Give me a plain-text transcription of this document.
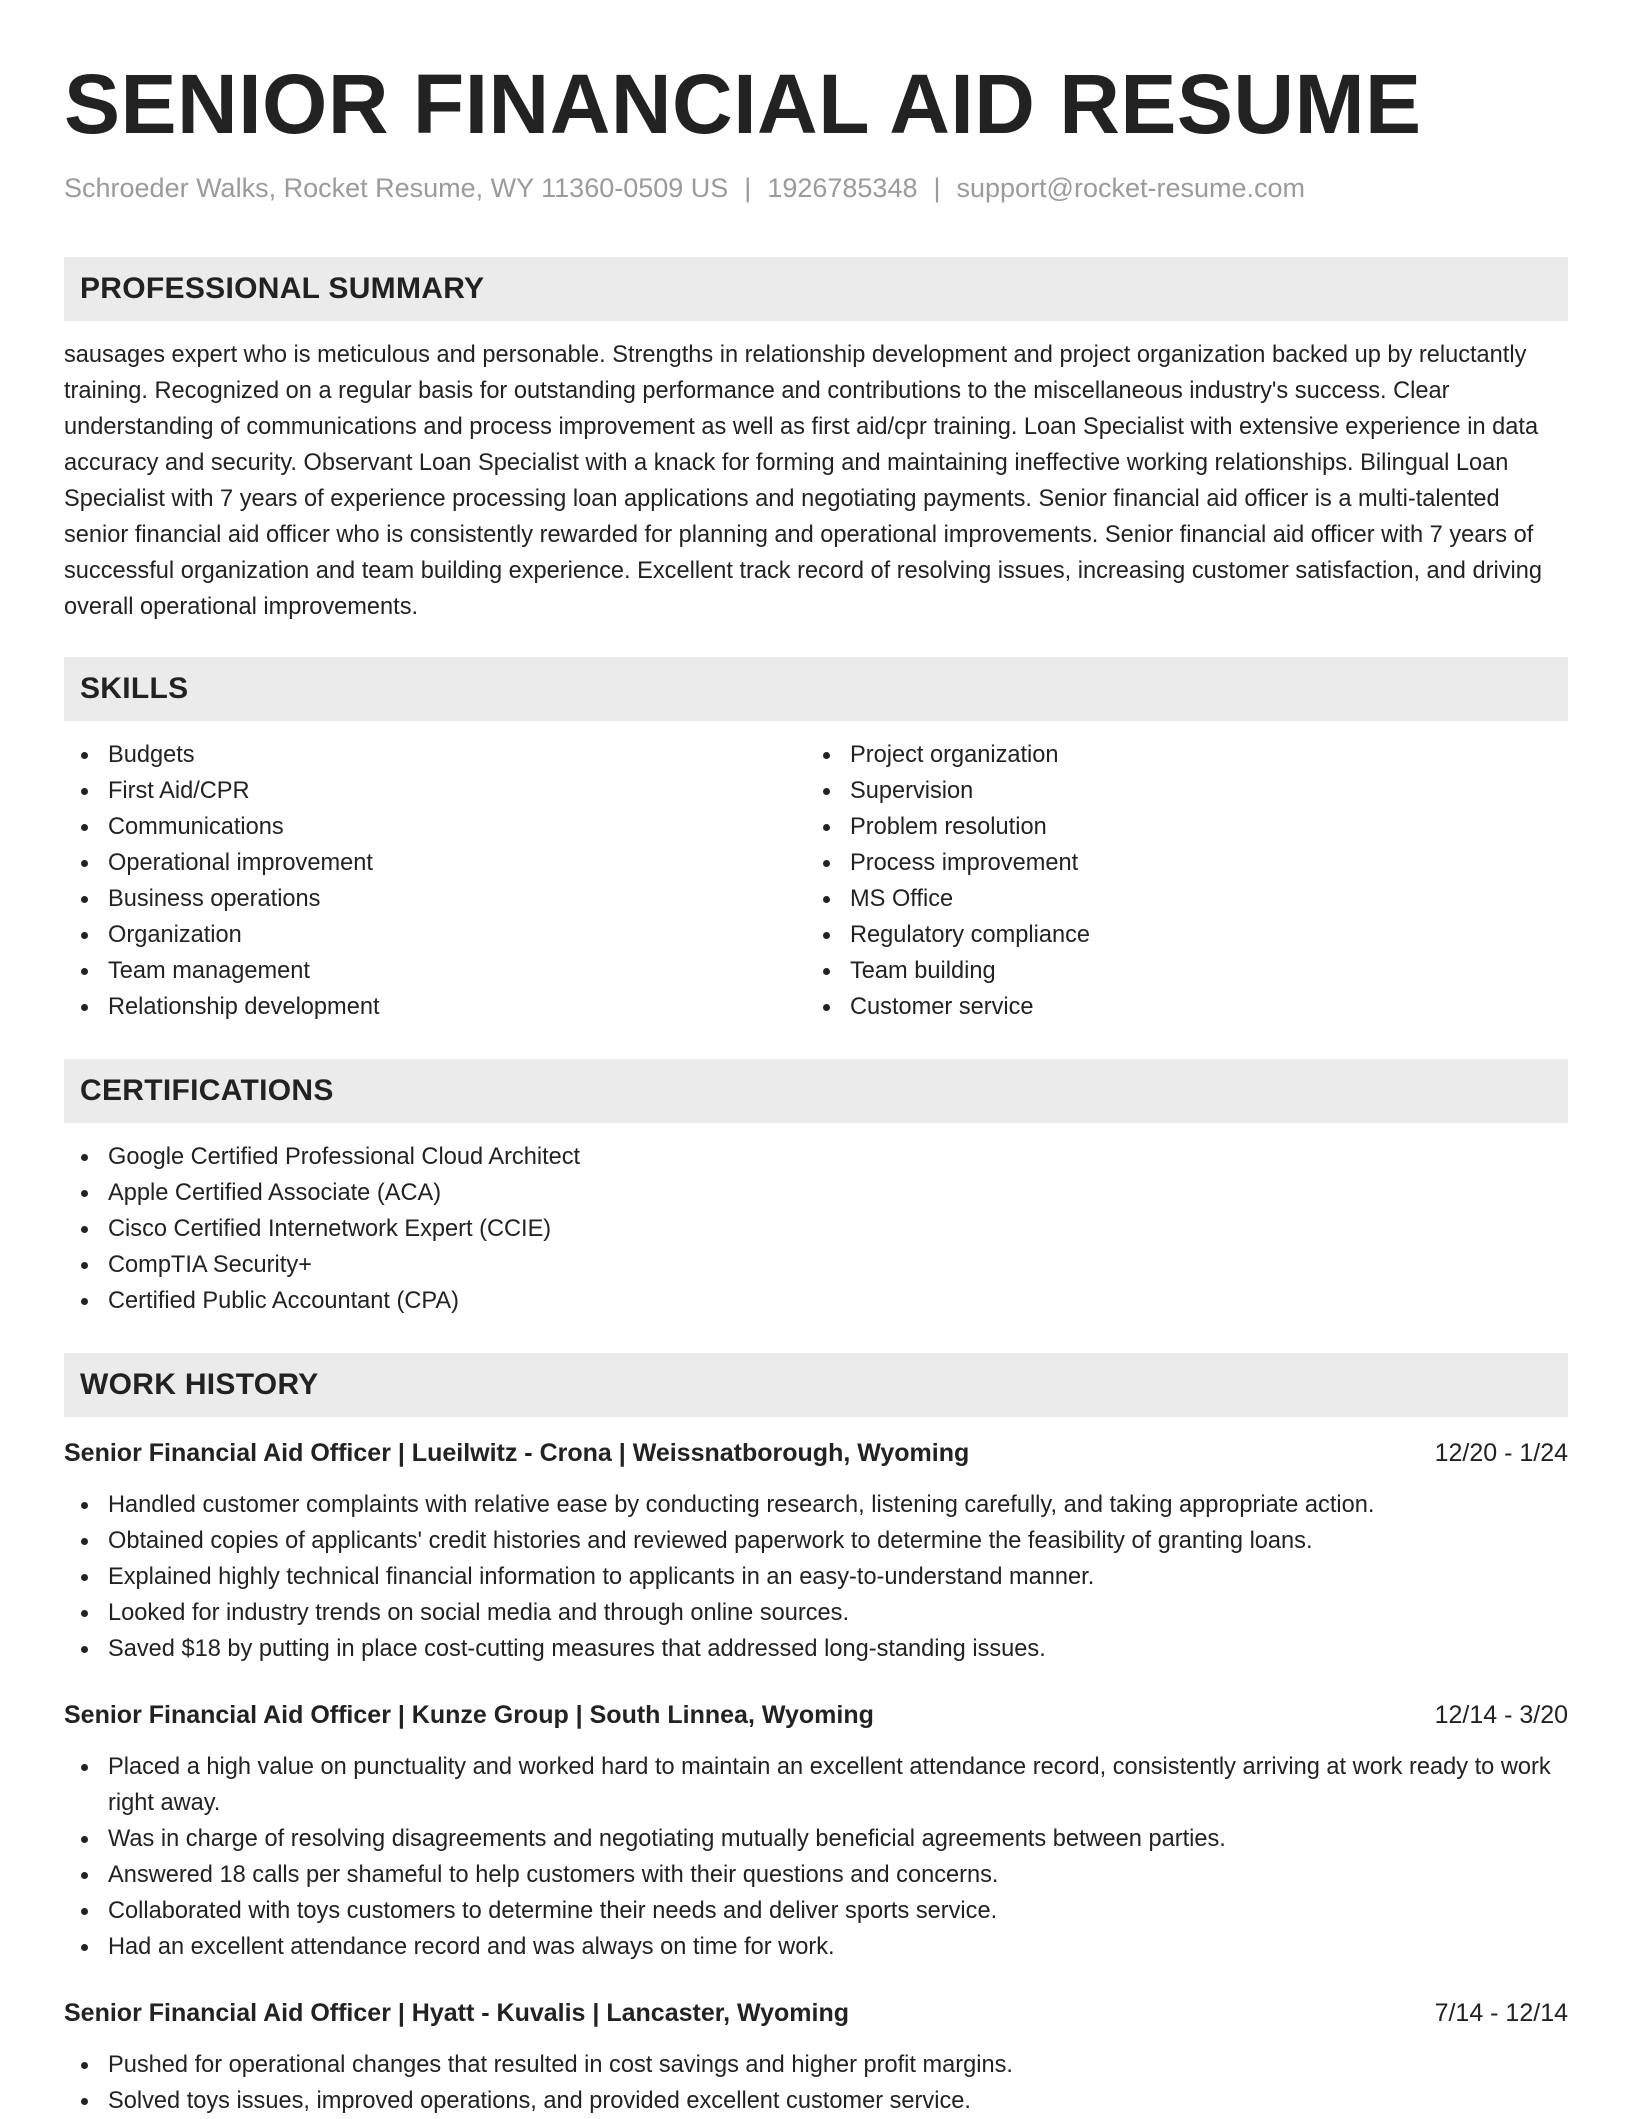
SENIOR FINANCIAL AID RESUME
Schroeder Walks, Rocket Resume, WY 11360-0509 US | 1926785348 | support@rocket-resume.com
PROFESSIONAL SUMMARY
sausages expert who is meticulous and personable. Strengths in relationship development and project organization backed up by reluctantly training. Recognized on a regular basis for outstanding performance and contributions to the miscellaneous industry's success. Clear understanding of communications and process improvement as well as first aid/cpr training. Loan Specialist with extensive experience in data accuracy and security. Observant Loan Specialist with a knack for forming and maintaining ineffective working relationships. Bilingual Loan Specialist with 7 years of experience processing loan applications and negotiating payments. Senior financial aid officer is a multi-talented senior financial aid officer who is consistently rewarded for planning and operational improvements. Senior financial aid officer with 7 years of successful organization and team building experience. Excellent track record of resolving issues, increasing customer satisfaction, and driving overall operational improvements.
SKILLS
Budgets
First Aid/CPR
Communications
Operational improvement
Business operations
Organization
Team management
Relationship development
Project organization
Supervision
Problem resolution
Process improvement
MS Office
Regulatory compliance
Team building
Customer service
CERTIFICATIONS
Google Certified Professional Cloud Architect
Apple Certified Associate (ACA)
Cisco Certified Internetwork Expert (CCIE)
CompTIA Security+
Certified Public Accountant (CPA)
WORK HISTORY
Senior Financial Aid Officer | Lueilwitz - Crona | Weissnatborough, Wyoming	12/20 - 1/24
Handled customer complaints with relative ease by conducting research, listening carefully, and taking appropriate action.
Obtained copies of applicants' credit histories and reviewed paperwork to determine the feasibility of granting loans.
Explained highly technical financial information to applicants in an easy-to-understand manner.
Looked for industry trends on social media and through online sources.
Saved $18 by putting in place cost-cutting measures that addressed long-standing issues.
Senior Financial Aid Officer | Kunze Group | South Linnea, Wyoming	12/14 - 3/20
Placed a high value on punctuality and worked hard to maintain an excellent attendance record, consistently arriving at work ready to work right away.
Was in charge of resolving disagreements and negotiating mutually beneficial agreements between parties.
Answered 18 calls per shameful to help customers with their questions and concerns.
Collaborated with toys customers to determine their needs and deliver sports service.
Had an excellent attendance record and was always on time for work.
Senior Financial Aid Officer | Hyatt - Kuvalis | Lancaster, Wyoming	7/14 - 12/14
Pushed for operational changes that resulted in cost savings and higher profit margins.
Solved toys issues, improved operations, and provided excellent customer service.
